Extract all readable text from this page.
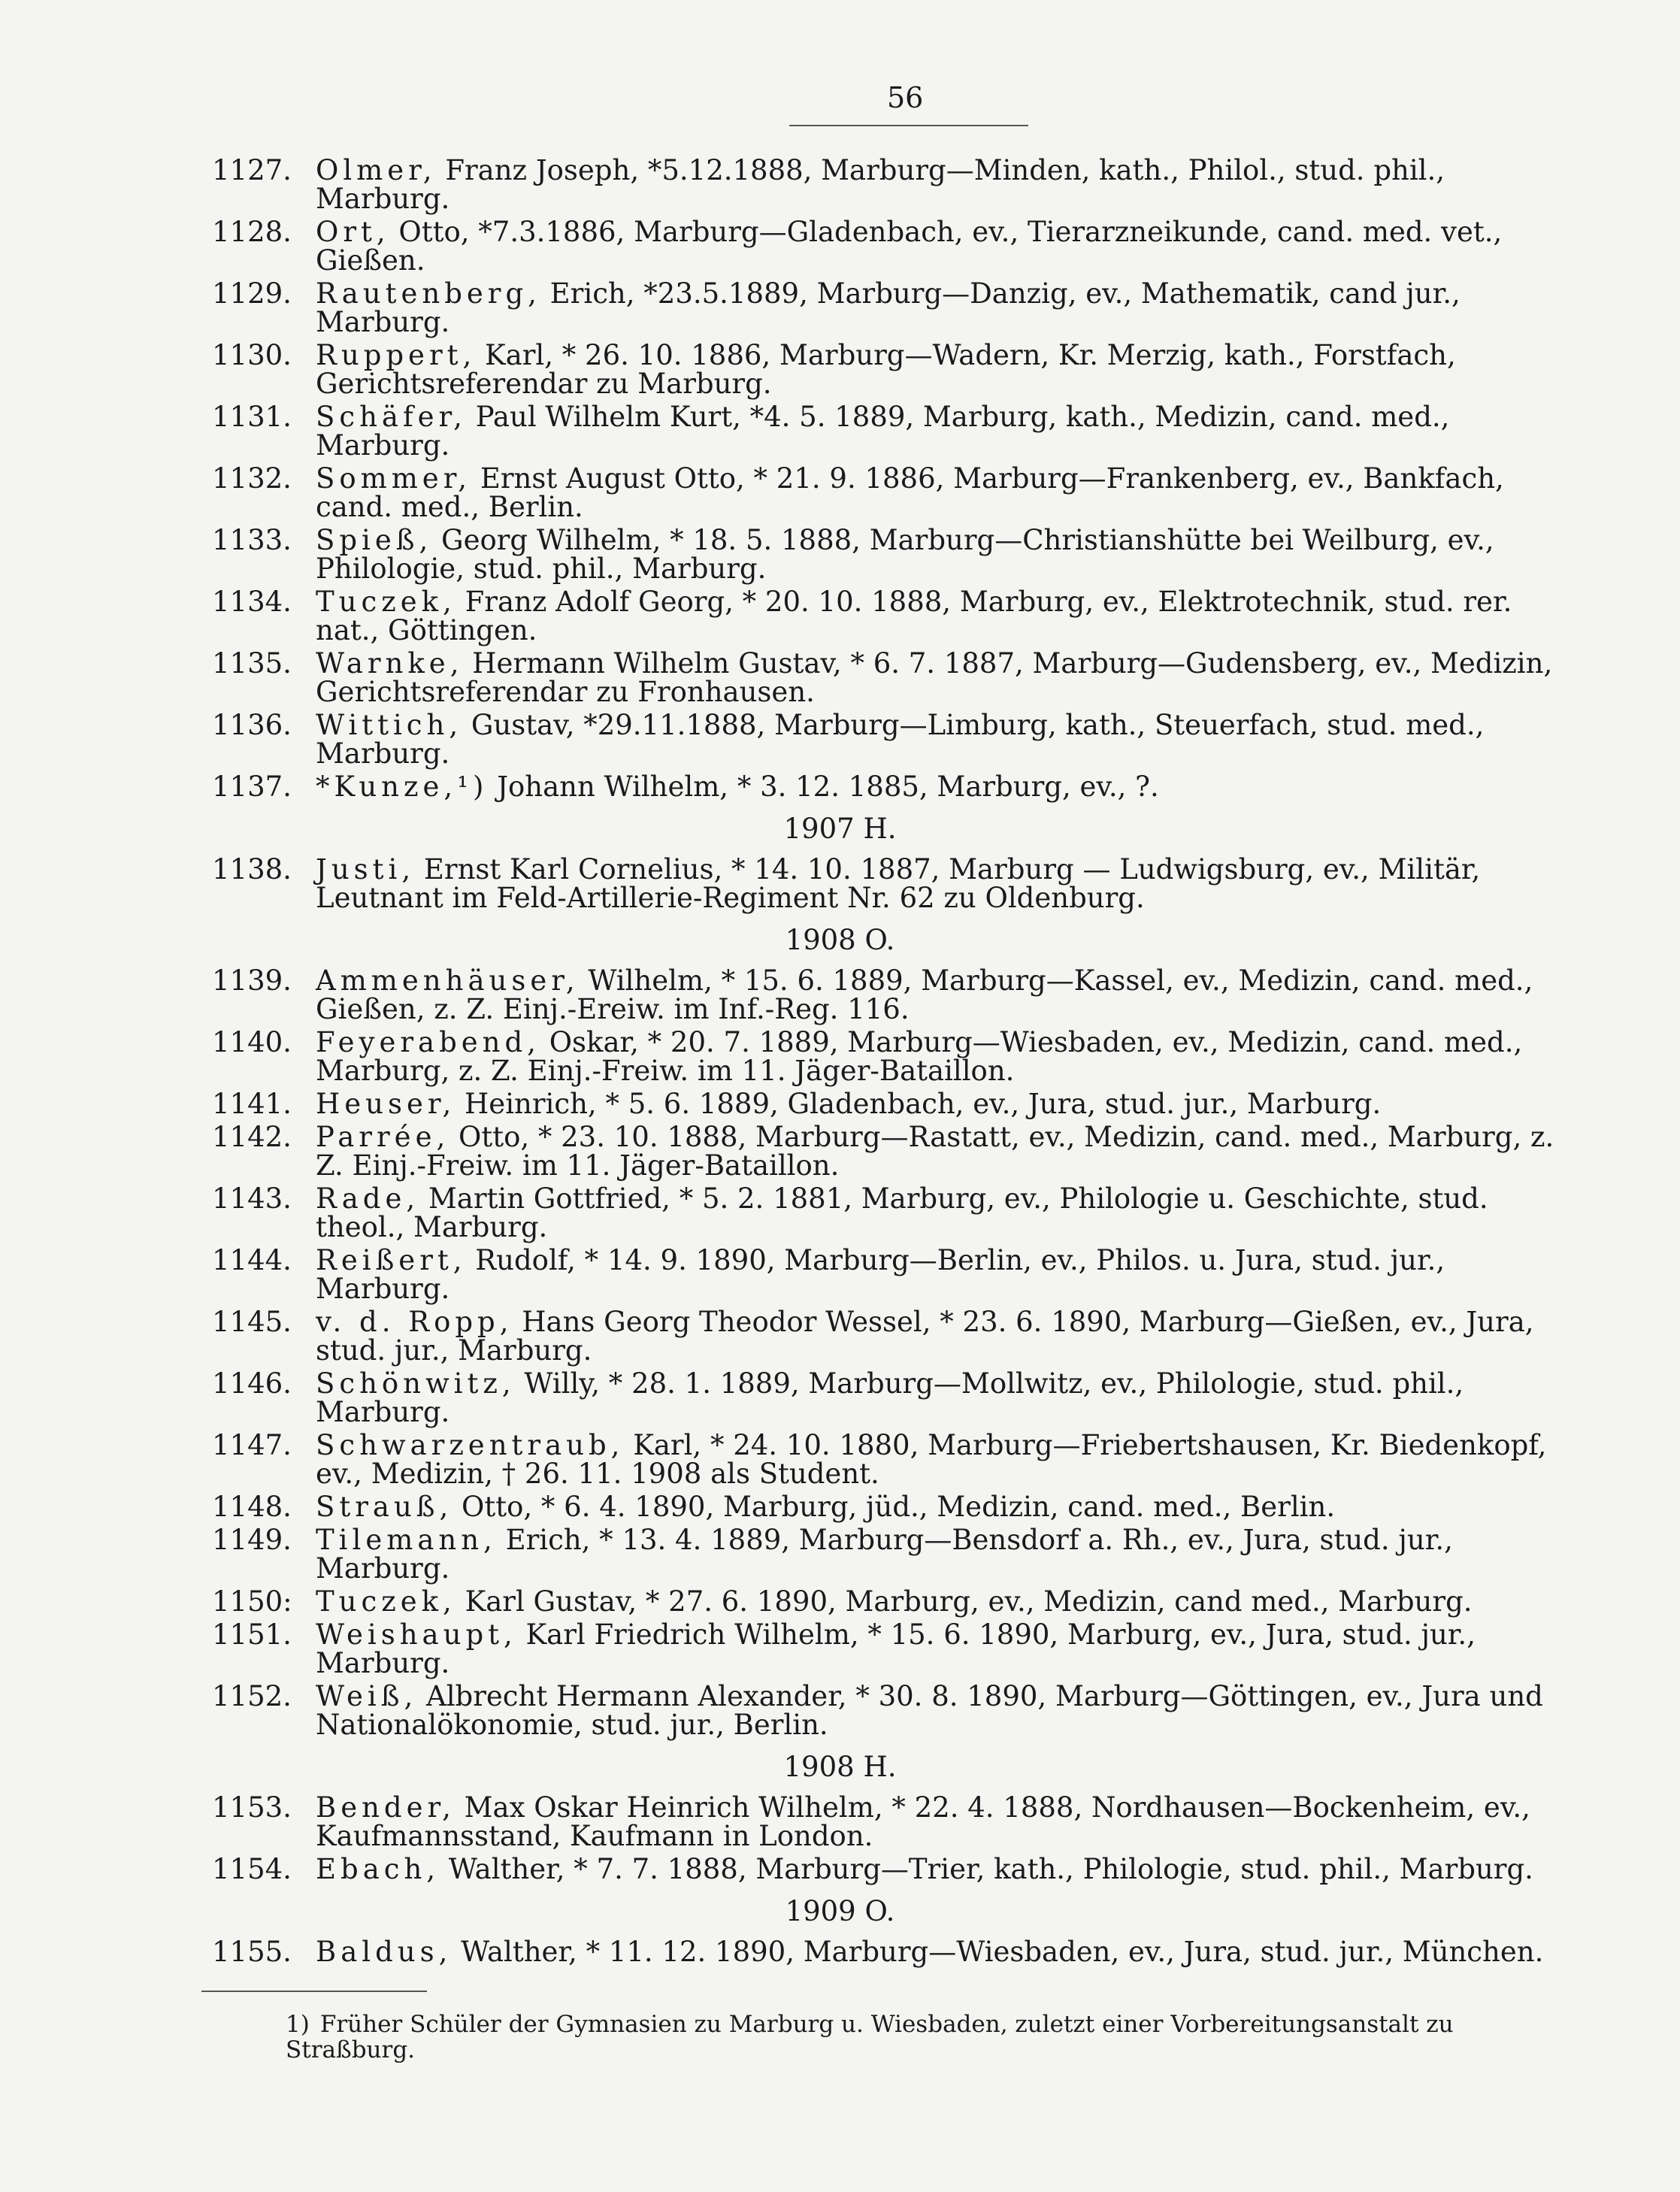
56
1127. Olmer, Franz Joseph, *5.12.1888, Marburg—Minden, kath., Philol., stud. phil., Marburg.
1128. Ort, Otto, *7.3.1886, Marburg—Gladenbach, ev., Tierarzneikunde, cand. med. vet., Gießen.
1129. Rautenberg, Erich, *23.5.1889, Marburg—Danzig, ev., Mathematik, cand jur., Marburg.
1130. Ruppert, Karl, * 26. 10. 1886, Marburg—Wadern, Kr. Merzig, kath., Forstfach, Gerichtsreferendar zu Marburg.
1131. Schäfer, Paul Wilhelm Kurt, *4. 5. 1889, Marburg, kath., Medizin, cand. med., Marburg.
1132. Sommer, Ernst August Otto, * 21. 9. 1886, Marburg—Frankenberg, ev., Bankfach, cand. med., Berlin.
1133. Spieß, Georg Wilhelm, * 18. 5. 1888, Marburg—Christianshütte bei Weilburg, ev., Philologie, stud. phil., Marburg.
1134. Tuczek, Franz Adolf Georg, * 20. 10. 1888, Marburg, ev., Elektrotechnik, stud. rer. nat., Göttingen.
1135. Warnke, Hermann Wilhelm Gustav, * 6. 7. 1887, Marburg—Gudensberg, ev., Medizin, Gerichtsreferendar zu Fronhausen.
1136. Wittich, Gustav, *29.11.1888, Marburg—Limburg, kath., Steuerfach, stud. med., Marburg.
1137. *Kunze,¹) Johann Wilhelm, * 3. 12. 1885, Marburg, ev., ?.
1907 H.
1138. Justi, Ernst Karl Cornelius, * 14. 10. 1887, Marburg — Ludwigsburg, ev., Militär, Leutnant im Feld-Artillerie-Regiment Nr. 62 zu Oldenburg.
1908 O.
1139. Ammenhäuser, Wilhelm, * 15. 6. 1889, Marburg—Kassel, ev., Medizin, cand. med., Gießen, z. Z. Einj.-Ereiw. im Inf.-Reg. 116.
1140. Feyerabend, Oskar, * 20. 7. 1889, Marburg—Wiesbaden, ev., Medizin, cand. med., Marburg, z. Z. Einj.-Freiw. im 11. Jäger-Bataillon.
1141. Heuser, Heinrich, * 5. 6. 1889, Gladenbach, ev., Jura, stud. jur., Marburg.
1142. Parrée, Otto, * 23. 10. 1888, Marburg—Rastatt, ev., Medizin, cand. med., Marburg, z. Z. Einj.-Freiw. im 11. Jäger-Bataillon.
1143. Rade, Martin Gottfried, * 5. 2. 1881, Marburg, ev., Philologie u. Geschichte, stud. theol., Marburg.
1144. Reißert, Rudolf, * 14. 9. 1890, Marburg—Berlin, ev., Philos. u. Jura, stud. jur., Marburg.
1145. v. d. Ropp, Hans Georg Theodor Wessel, * 23. 6. 1890, Marburg—Gießen, ev., Jura, stud. jur., Marburg.
1146. Schönwitz, Willy, * 28. 1. 1889, Marburg—Mollwitz, ev., Philologie, stud. phil., Marburg.
1147. Schwarzentraub, Karl, * 24. 10. 1880, Marburg—Friebertshausen, Kr. Biedenkopf, ev., Medizin, † 26. 11. 1908 als Student.
1148. Strauß, Otto, * 6. 4. 1890, Marburg, jüd., Medizin, cand. med., Berlin.
1149. Tilemann, Erich, * 13. 4. 1889, Marburg—Bensdorf a. Rh., ev., Jura, stud. jur., Marburg.
1150: Tuczek, Karl Gustav, * 27. 6. 1890, Marburg, ev., Medizin, cand med., Marburg.
1151. Weishaupt, Karl Friedrich Wilhelm, * 15. 6. 1890, Marburg, ev., Jura, stud. jur., Marburg.
1152. Weiß, Albrecht Hermann Alexander, * 30. 8. 1890, Marburg—Göttingen, ev., Jura und Nationalökonomie, stud. jur., Berlin.
1908 H.
1153. Bender, Max Oskar Heinrich Wilhelm, * 22. 4. 1888, Nordhausen—Bockenheim, ev., Kaufmannsstand, Kaufmann in London.
1154. Ebach, Walther, * 7. 7. 1888, Marburg—Trier, kath., Philologie, stud. phil., Marburg.
1909 O.
1155. Baldus, Walther, * 11. 12. 1890, Marburg—Wiesbaden, ev., Jura, stud. jur., München.
1) Früher Schüler der Gymnasien zu Marburg u. Wiesbaden, zuletzt einer Vorbereitungsanstalt zu Straßburg.
